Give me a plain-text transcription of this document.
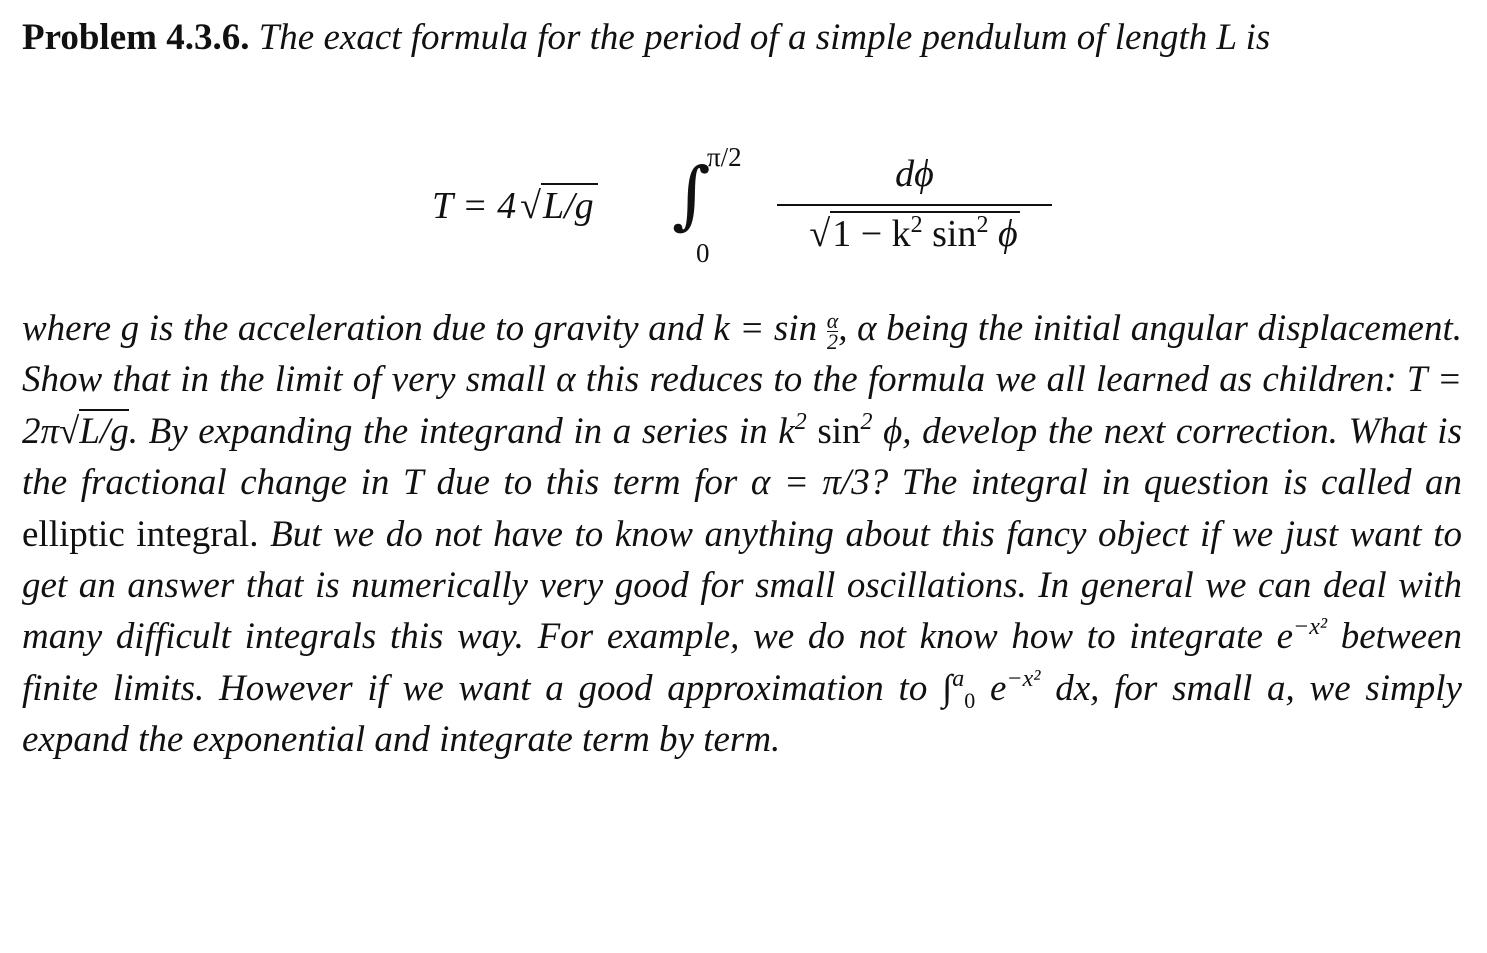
Problem 4.3.6. The exact formula for the period of a simple pendulum of length L is
T = 4 √L/g ∫
π/2
0
dϕ
$√1 - k^2$ $\sin^2 \phi$
where g is the acceleration due to gravity and $k = \sin \frac{\alpha}{2}$, α being the initial angular displacement. Show that in the limit of very small α this reduces to the formula we all learned as children: T = 2π√L/g. By expanding the integrand in a series in $k^2$ $\sin^2 \phi$, develop the next correction. What is the fractional change in T due to this term for α = π/3? The integral in question is called an elliptic integral. But we do not have to know anything about this fancy object if we just want to get an answer that is numerically very good for small oscillations. In general we can deal with many difficult integrals this way. For example, we do not know how to integrate $e^{-x^2}$ between finite limits. However if we want a good approximation to ∫$^a_0$ $e^{-x^2}$ dx, for small a, we simply expand the exponential and integrate term by term.
